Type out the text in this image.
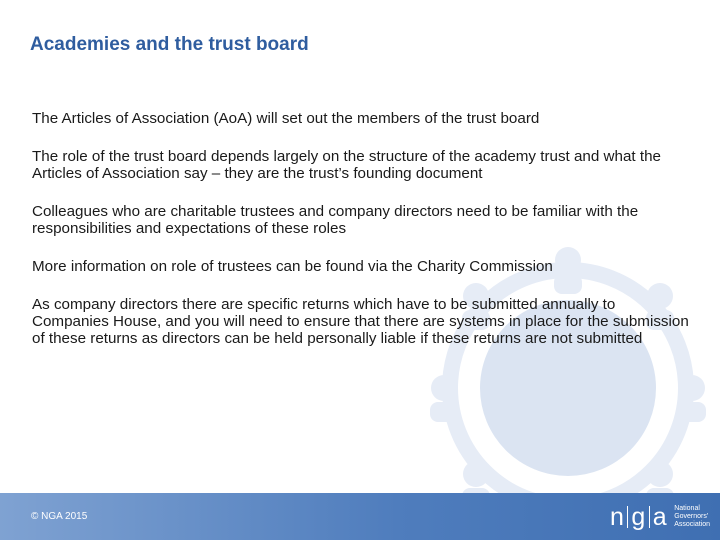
Academies and the trust board

The Articles of Association (AoA) will set out the members of the trust board

The role of the trust board depends largely on the structure of the academy trust and what the Articles of Association say – they are the trust’s founding document

Colleagues who are charitable trustees and company directors need to be familiar with the responsibilities and expectations of these roles

More information on role of trustees can be found via the Charity Commission

As company directors there are specific returns which have to be submitted annually to Companies House, and you will need to ensure that there are systems in place for the submission of these returns as directors can be held personally liable if these returns are not submitted

© NGA 2015	n g a National
Governors'
Association
